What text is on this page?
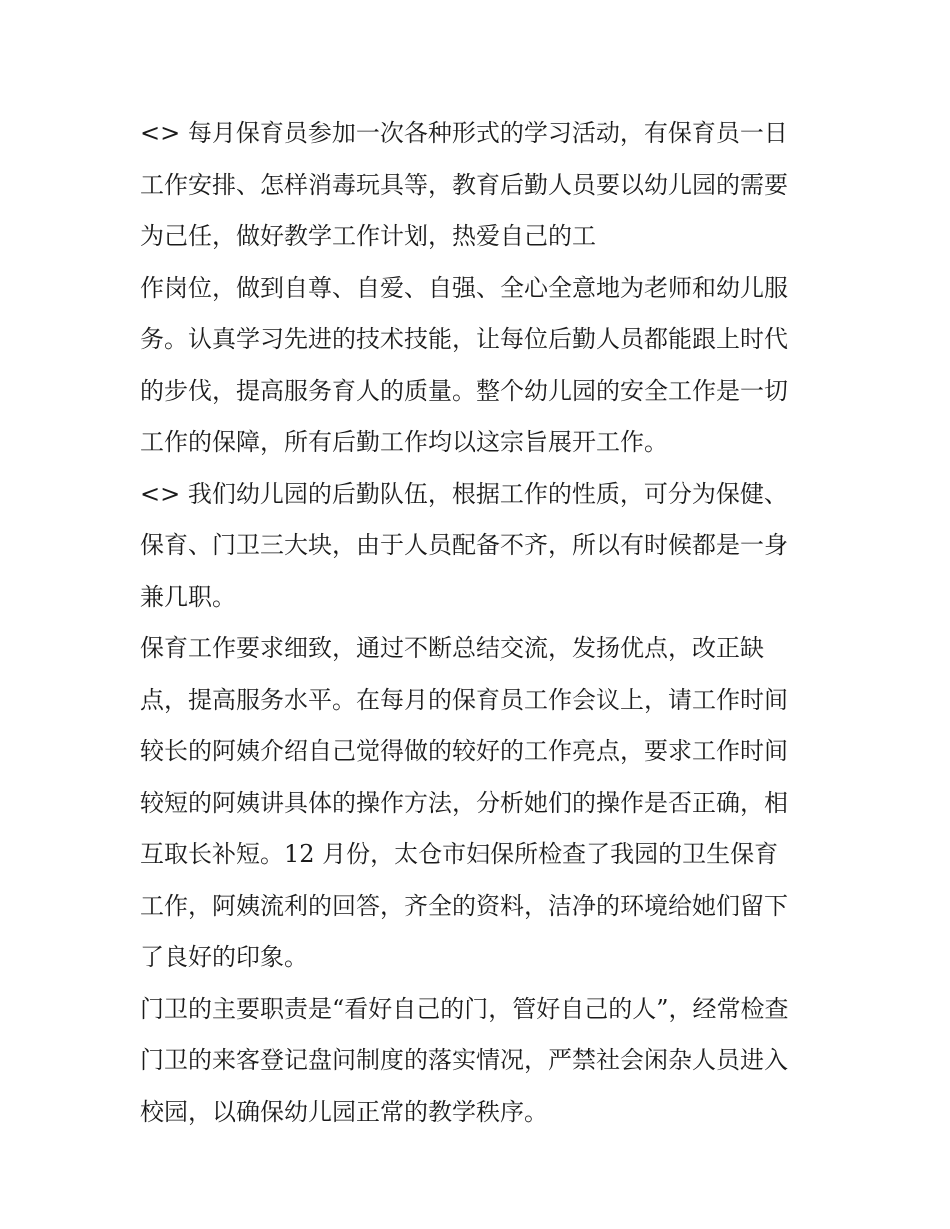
<> 每月保育员参加一次各种形式的学习活动，有保育员一日
工作安排、怎样消毒玩具等，教育后勤人员要以幼儿园的需要
为己任，做好教学工作计划，热爱自己的工
作岗位，做到自尊、自爱、自强、全心全意地为老师和幼儿服
务。认真学习先进的技术技能，让每位后勤人员都能跟上时代
的步伐，提高服务育人的质量。整个幼儿园的安全工作是一切
工作的保障，所有后勤工作均以这宗旨展开工作。
<> 我们幼儿园的后勤队伍，根据工作的性质，可分为保健、
保育、门卫三大块，由于人员配备不齐，所以有时候都是一身
兼几职。
保育工作要求细致，通过不断总结交流，发扬优点，改正缺
点，提高服务水平。在每月的保育员工作会议上，请工作时间
较长的阿姨介绍自己觉得做的较好的工作亮点，要求工作时间
较短的阿姨讲具体的操作方法，分析她们的操作是否正确，相
互取长补短。12 月份，太仓市妇保所检查了我园的卫生保育
工作，阿姨流利的回答，齐全的资料，洁净的环境给她们留下
了良好的印象。
门卫的主要职责是“看好自己的门，管好自己的人”，经常检查
门卫的来客登记盘问制度的落实情况，严禁社会闲杂人员进入
校园，以确保幼儿园正常的教学秩序。
